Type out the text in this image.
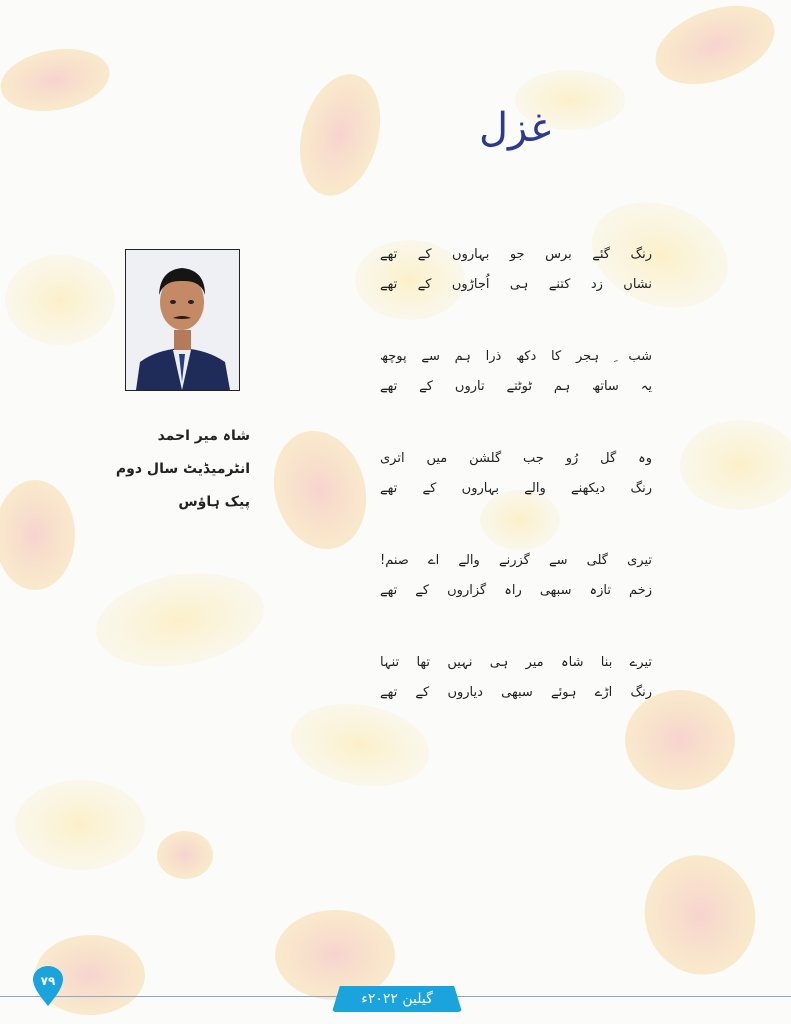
غزل
شاہ میر احمد
انٹرمیڈیٹ سال دوم
پیک ہاؤس
رنگ گئے برس جو بہاروں کے تھے
نشاں زد کتنے ہی اُجاڑوں کے تھے
شب ِ ہجر کا دکھ ذرا ہم سے پوچھ
یہ ساتھ ہم ٹوٹتے تاروں کے تھے
وہ گل رُو جب گلشن میں اتری
رنگ دیکھنے والے بہاروں کے تھے
تیری گلی سے گزرنے والے اے صنم!
زخم تازہ سبھی راہ گزاروں کے تھے
تیرے بنا شاہ میر ہی نہیں تھا تنہا
رنگ اڑے ہوئے سبھی دیاروں کے تھے
گیلین ۲۰۲۲ء
۷۹
